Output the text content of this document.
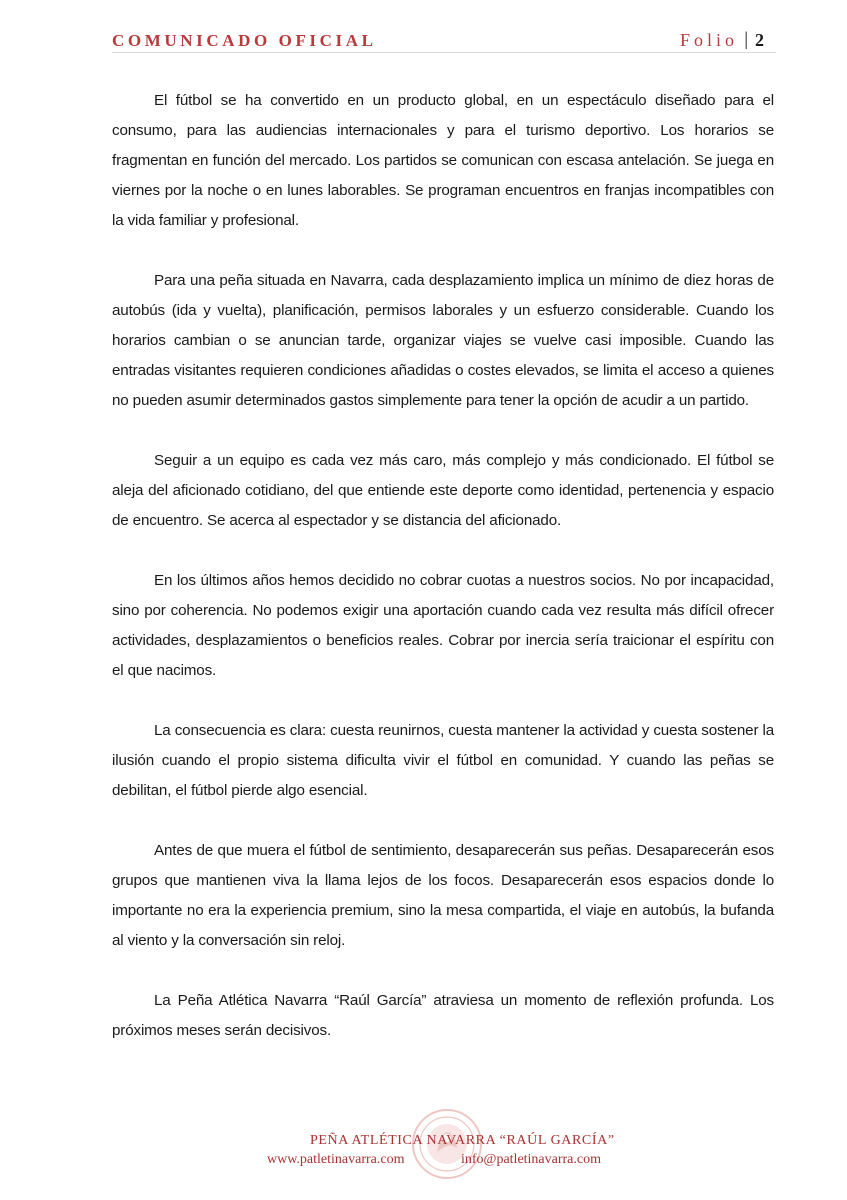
COMUNICADO OFICIAL	Folio | 2

El fútbol se ha convertido en un producto global, en un espectáculo diseñado para el consumo, para las audiencias internacionales y para el turismo deportivo. Los horarios se fragmentan en función del mercado. Los partidos se comunican con escasa antelación. Se juega en viernes por la noche o en lunes laborables. Se programan encuentros en franjas incompatibles con la vida familiar y profesional.

Para una peña situada en Navarra, cada desplazamiento implica un mínimo de diez horas de autobús (ida y vuelta), planificación, permisos laborales y un esfuerzo considerable. Cuando los horarios cambian o se anuncian tarde, organizar viajes se vuelve casi imposible. Cuando las entradas visitantes requieren condiciones añadidas o costes elevados, se limita el acceso a quienes no pueden asumir determinados gastos simplemente para tener la opción de acudir a un partido.

Seguir a un equipo es cada vez más caro, más complejo y más condicionado. El fútbol se aleja del aficionado cotidiano, del que entiende este deporte como identidad, pertenencia y espacio de encuentro. Se acerca al espectador y se distancia del aficionado.

En los últimos años hemos decidido no cobrar cuotas a nuestros socios. No por incapacidad, sino por coherencia. No podemos exigir una aportación cuando cada vez resulta más difícil ofrecer actividades, desplazamientos o beneficios reales. Cobrar por inercia sería traicionar el espíritu con el que nacimos.

La consecuencia es clara: cuesta reunirnos, cuesta mantener la actividad y cuesta sostener la ilusión cuando el propio sistema dificulta vivir el fútbol en comunidad. Y cuando las peñas se debilitan, el fútbol pierde algo esencial.

Antes de que muera el fútbol de sentimiento, desaparecerán sus peñas. Desaparecerán esos grupos que mantienen viva la llama lejos de los focos. Desaparecerán esos espacios donde lo importante no era la experiencia premium, sino la mesa compartida, el viaje en autobús, la bufanda al viento y la conversación sin reloj.

La Peña Atlética Navarra “Raúl García” atraviesa un momento de reflexión profunda. Los próximos meses serán decisivos.

PEÑA ATLÉTICA NAVARRA “RAÚL GARCÍA”
www.patletinavarra.com	info@patletinavarra.com
